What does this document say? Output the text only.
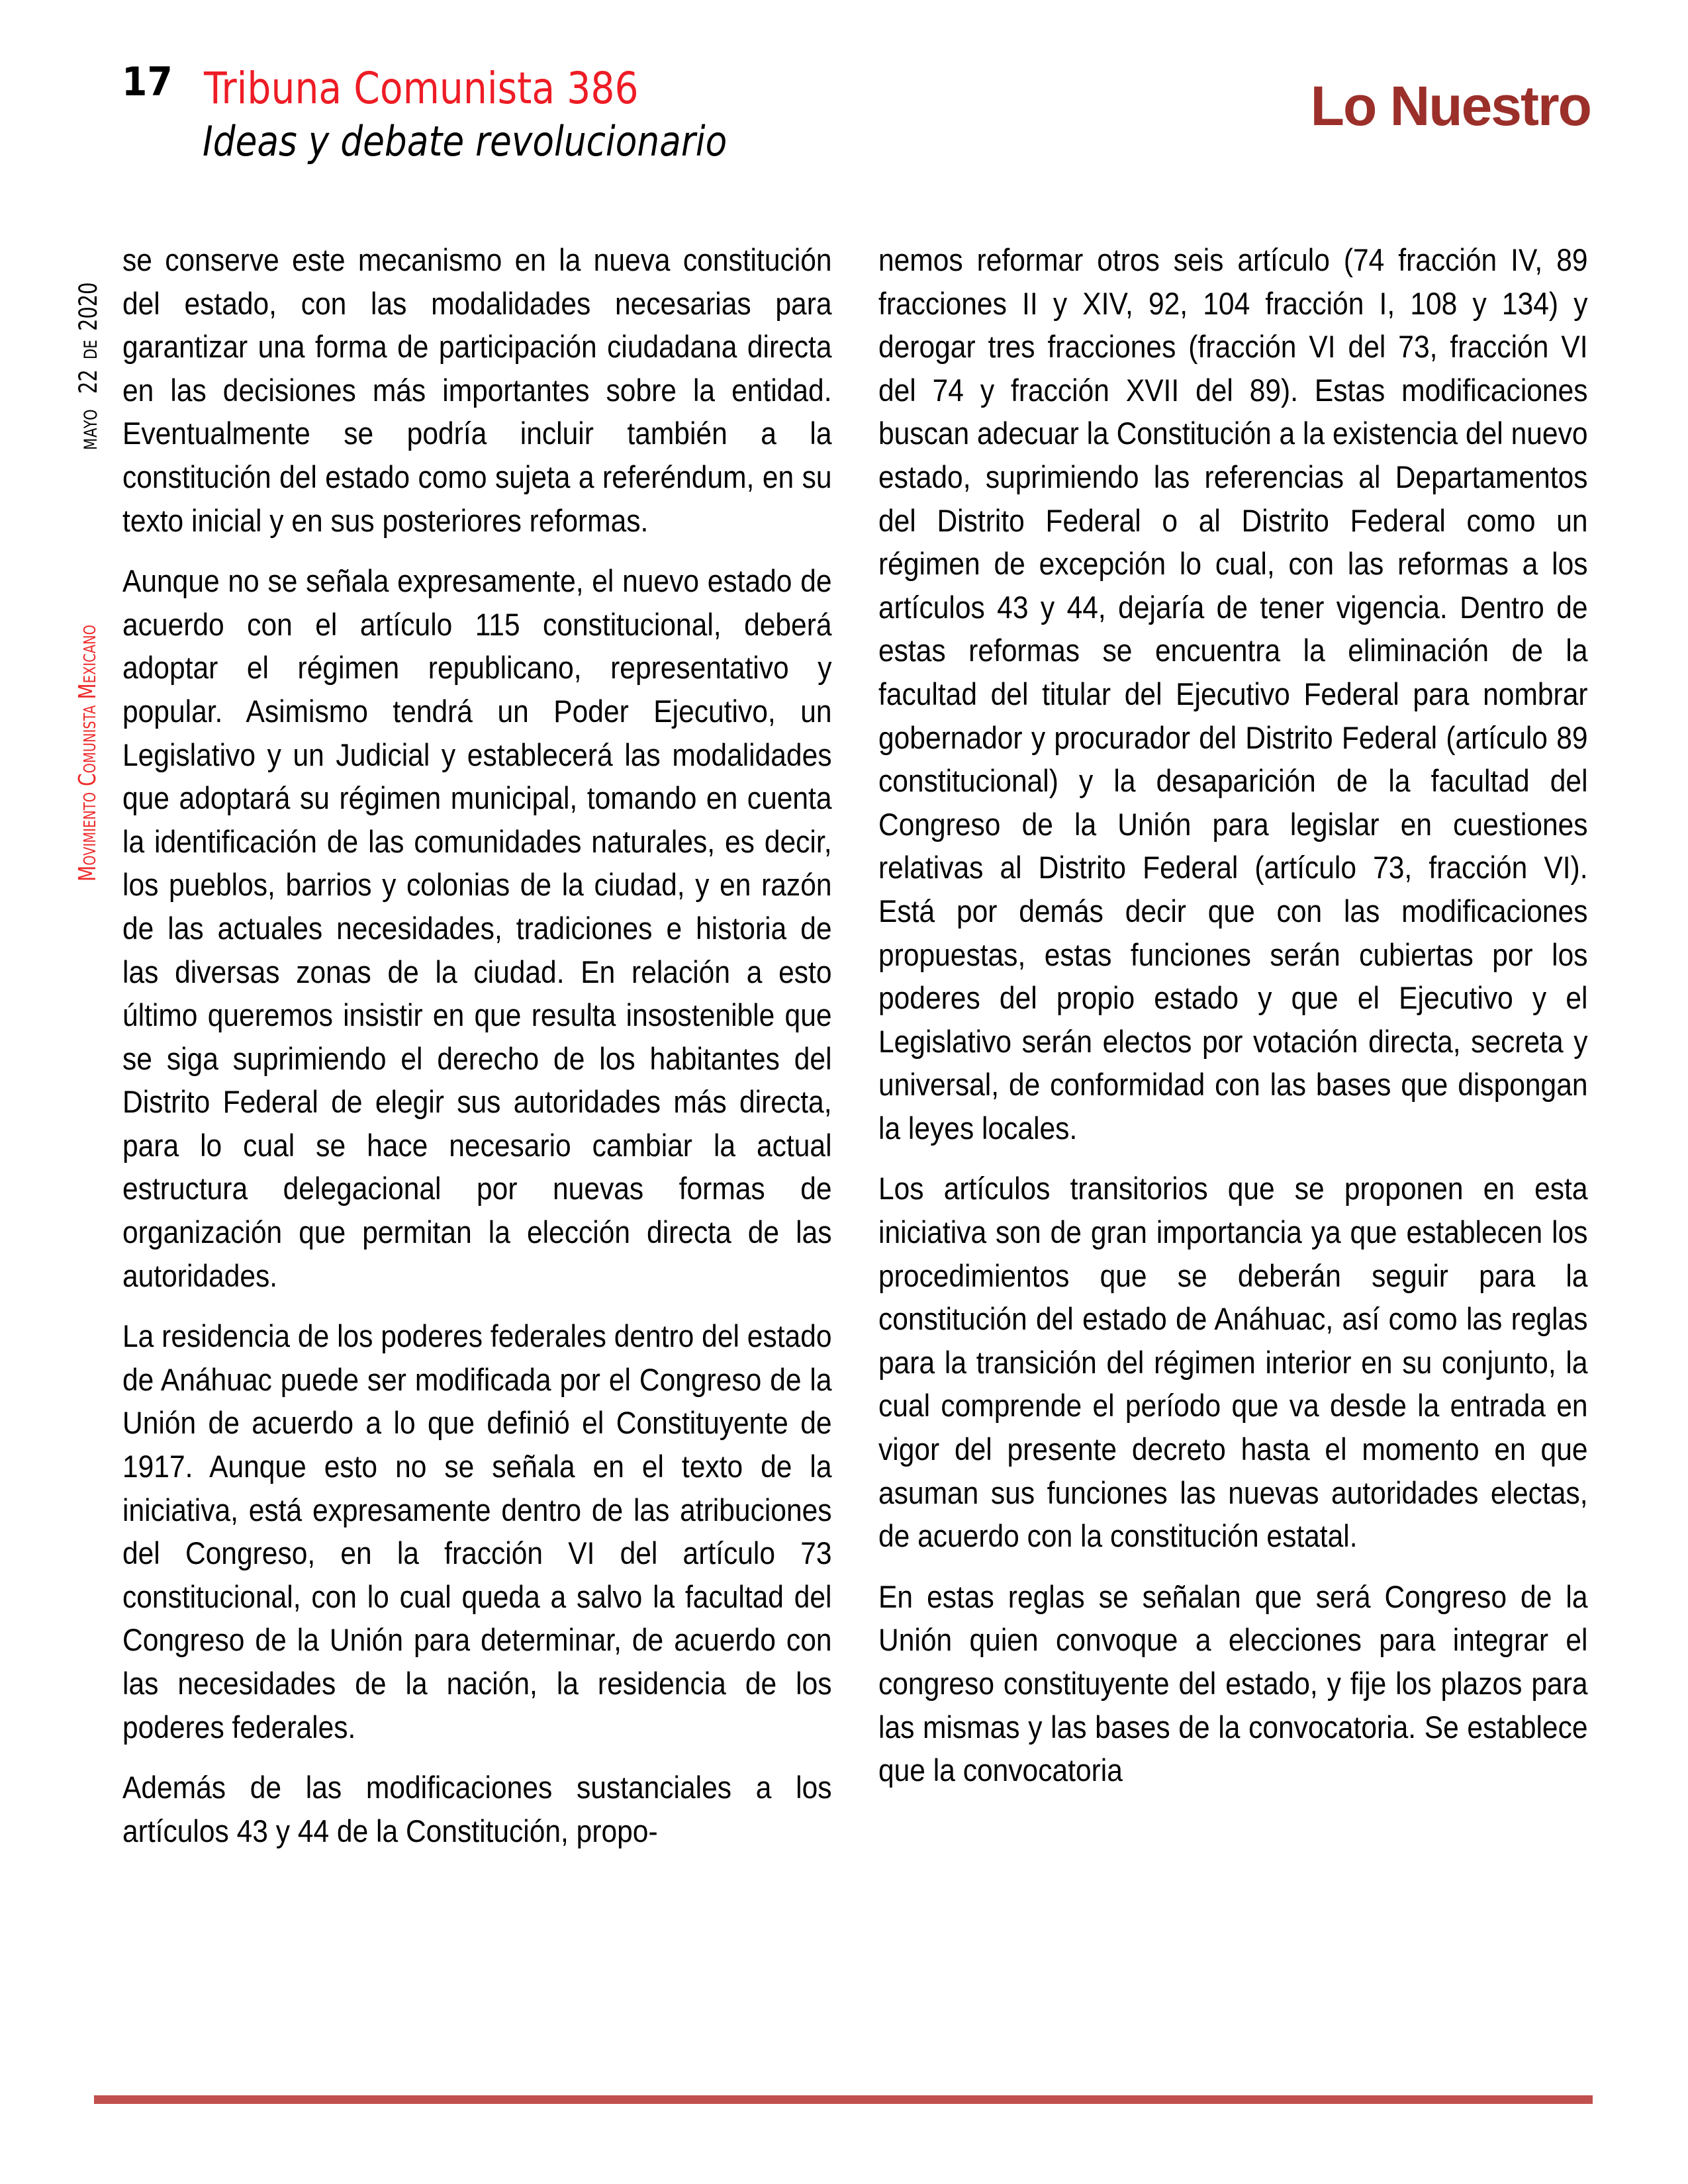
17 Tribuna Comunista 386
Ideas y debate revolucionario
Lo Nuestro
Movimiento Comunista Mexicano
MAYO 22 DE 2020

se conserve este mecanismo en la nueva constitución del estado, con las modalidades necesarias para garantizar una forma de participación ciudadana directa en las decisiones más importantes sobre la entidad. Eventualmente se podría incluir también a la constitución del estado como sujeta a referéndum, en su texto inicial y en sus posteriores reformas.

Aunque no se señala expresamente, el nuevo estado de acuerdo con el artículo 115 constitucional, deberá adoptar el régimen republicano, representativo y popular. Asimismo tendrá un Poder Ejecutivo, un Legislativo y un Judicial y establecerá las modalidades que adoptará su régimen municipal, tomando en cuenta la identificación de las comunidades naturales, es decir, los pueblos, barrios y colonias de la ciudad, y en razón de las actuales necesidades, tradiciones e historia de las diversas zonas de la ciudad. En relación a esto último queremos insistir en que resulta insostenible que se siga suprimiendo el derecho de los habitantes del Distrito Federal de elegir sus autoridades más directa, para lo cual se hace necesario cambiar la actual estructura delegacional por nuevas formas de organización que permitan la elección directa de las autoridades.

La residencia de los poderes federales dentro del estado de Anáhuac puede ser modificada por el Congreso de la Unión de acuerdo a lo que definió el Constituyente de 1917. Aunque esto no se señala en el texto de la iniciativa, está expresamente dentro de las atribuciones del Congreso, en la fracción VI del artículo 73 constitucional, con lo cual queda a salvo la facultad del Congreso de la Unión para determinar, de acuerdo con las necesidades de la nación, la residencia de los poderes federales.

Además de las modificaciones sustanciales a los artículos 43 y 44 de la Constitución, propo-

nemos reformar otros seis artículo (74 fracción IV, 89 fracciones II y XIV, 92, 104 fracción I, 108 y 134) y derogar tres fracciones (fracción VI del 73, fracción VI del 74 y fracción XVII del 89). Estas modificaciones buscan adecuar la Constitución a la existencia del nuevo estado, suprimiendo las referencias al Departamentos del Distrito Federal o al Distrito Federal como un régimen de excepción lo cual, con las reformas a los artículos 43 y 44, dejaría de tener vigencia. Dentro de estas reformas se encuentra la eliminación de la facultad del titular del Ejecutivo Federal para nombrar gobernador y procurador del Distrito Federal (artículo 89 constitucional) y la desaparición de la facultad del Congreso de la Unión para legislar en cuestiones relativas al Distrito Federal (artículo 73, fracción VI). Está por demás decir que con las modificaciones propuestas, estas funciones serán cubiertas por los poderes del propio estado y que el Ejecutivo y el Legislativo serán electos por votación directa, secreta y universal, de conformidad con las bases que dispongan la leyes locales.

Los artículos transitorios que se proponen en esta iniciativa son de gran importancia ya que establecen los procedimientos que se deberán seguir para la constitución del estado de Anáhuac, así como las reglas para la transición del régimen interior en su conjunto, la cual comprende el período que va desde la entrada en vigor del presente decreto hasta el momento en que asuman sus funciones las nuevas autoridades electas, de acuerdo con la constitución estatal.

En estas reglas se señalan que será Congreso de la Unión quien convoque a elecciones para integrar el congreso constituyente del estado, y fije los plazos para las mismas y las bases de la convocatoria. Se establece que la convocatoria
